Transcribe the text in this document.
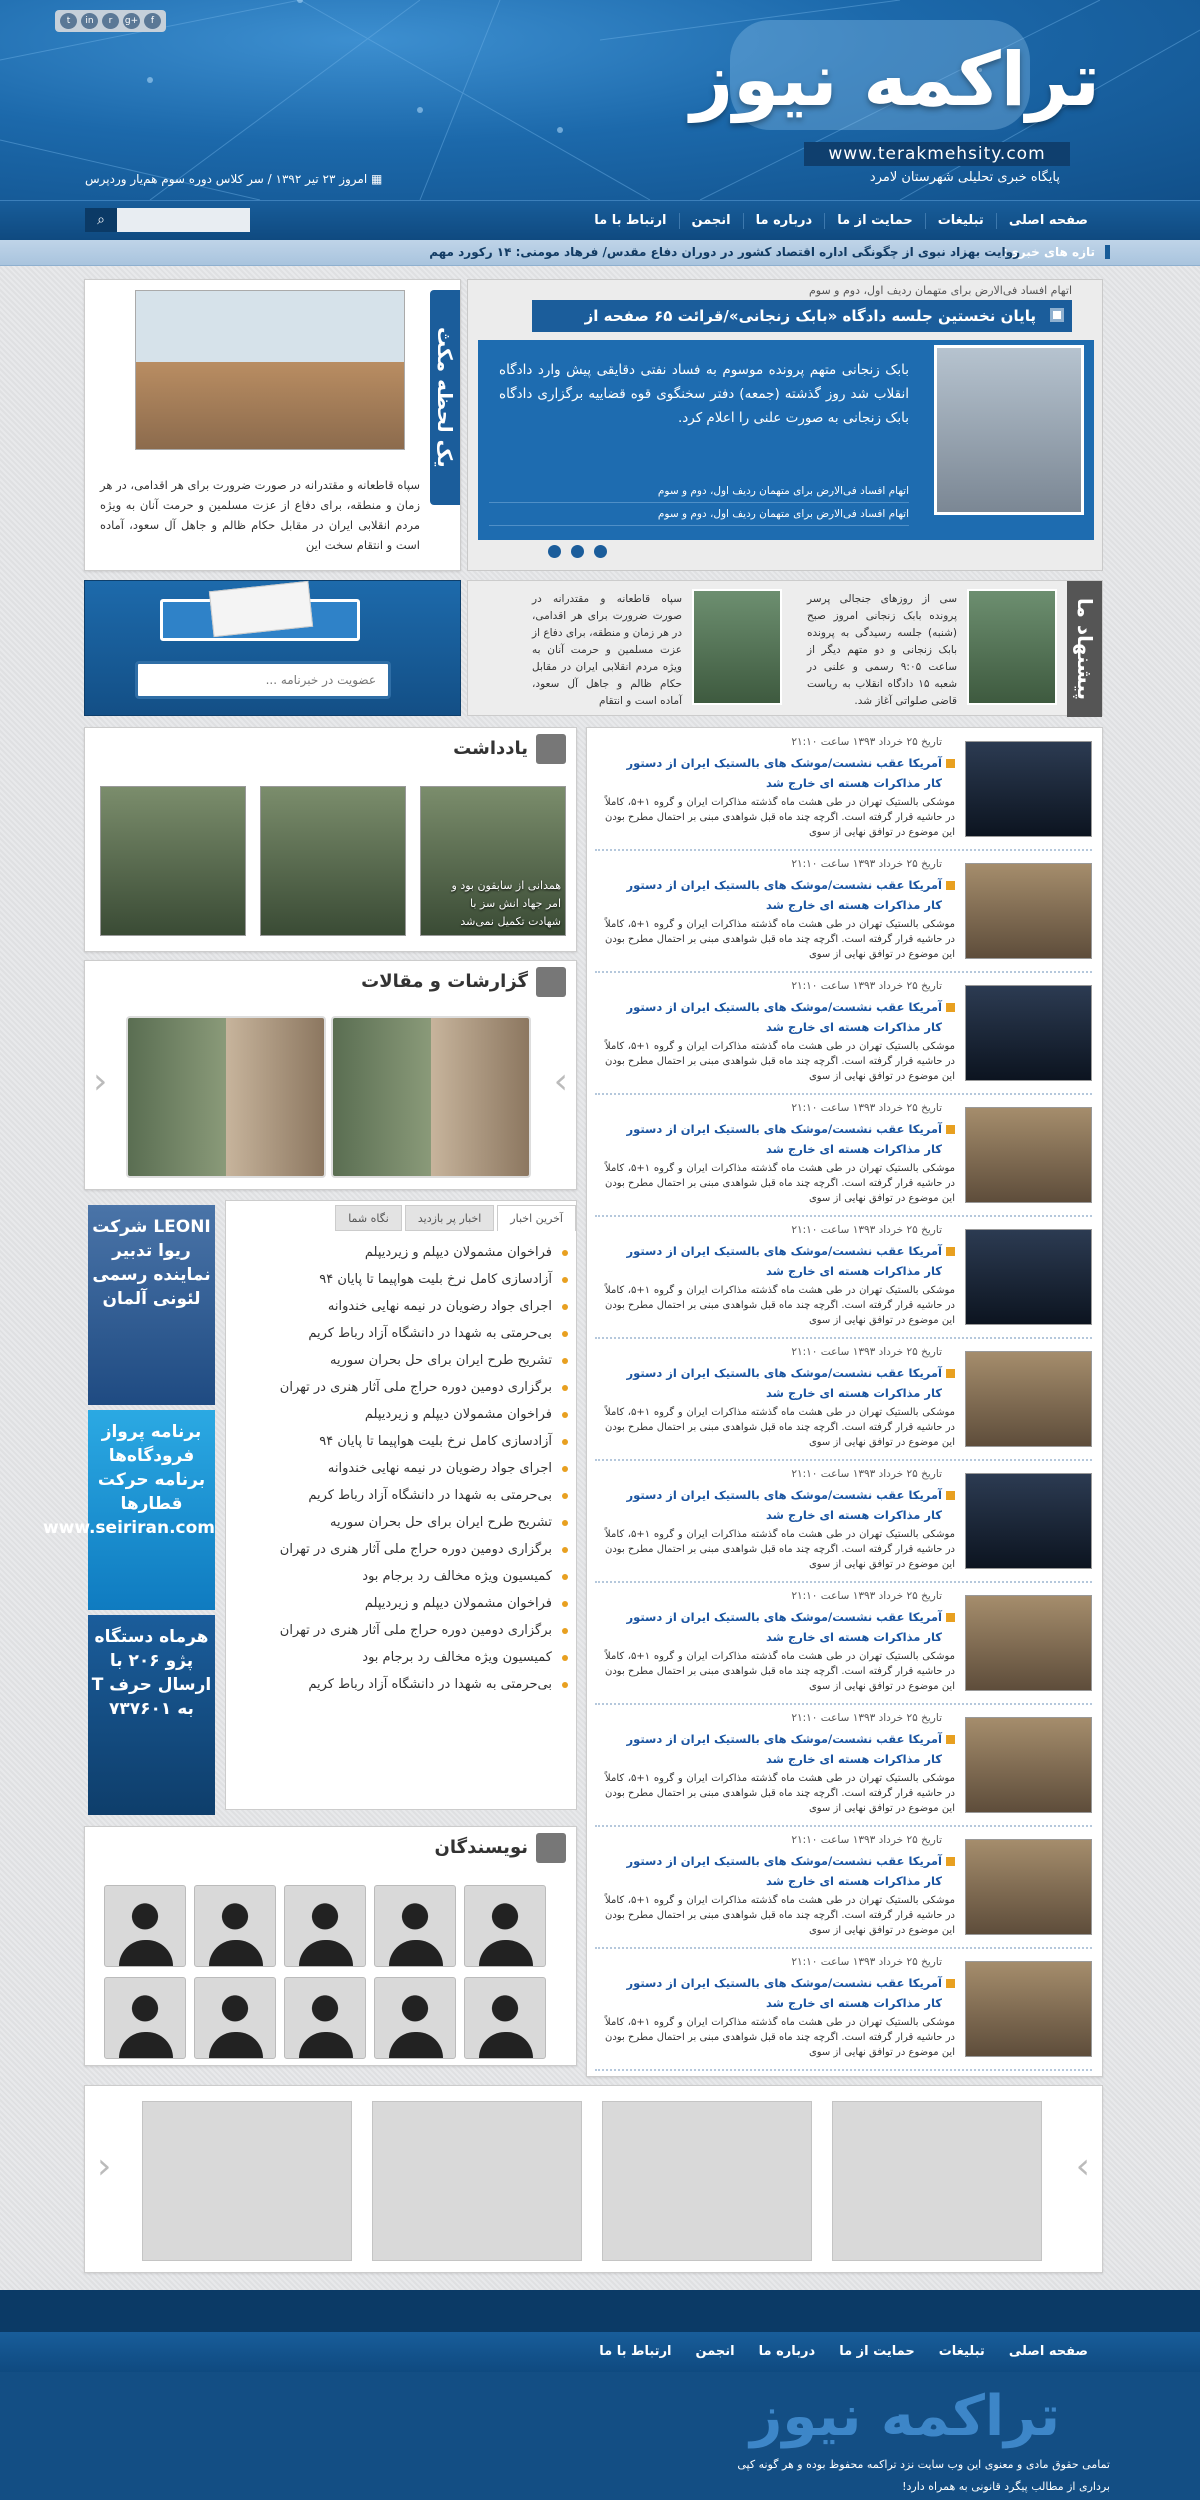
تراکمه نیوز
www.terakmehsity.com
پایگاه خبری تحلیلی شهرستان لامرد
t	in	r	g+	f
▦ امروز ۲۳ تیر ۱۳۹۲ / سر کلاس دوره سوم هم‌یار وردپرس
صفحه اصلی
تبلیغات
حمایت از ما
درباره ما
انجمن
ارتباط با ما
⌕
تازه های خبری:
روایت بهزاد نبوی از چگونگی اداره اقتصاد کشور در دوران دفاع مقدس/ فرهاد مومنی: ۱۴ رکورد مهم
اتهام افساد فی‌الارض برای متهمان ردیف اول، دوم و سوم
پایان نخستین جلسه دادگاه «بابک زنجانی»/قرائت ۶۵ صفحه از
بابک زنجانی متهم پرونده موسوم به فساد نفتی دقایقی پیش وارد دادگاه انقلاب شد روز گذشته (جمعه) دفتر سخنگوی قوه قضاییه برگزاری دادگاه بابک زنجانی به صورت علنی را اعلام کرد.
اتهام افساد فی‌الارض برای متهمان ردیف اول، دوم و سوم
اتهام افساد فی‌الارض برای متهمان ردیف اول، دوم و سوم
یک لحظه مکث
سپاه قاطعانه و مقتدرانه در صورت ضرورت برای هر اقدامی، در هر زمان و منطقه، برای دفاع از عزت مسلمین و حرمت آنان به ویژه مردم انقلابی ایران در مقابل حکام ظالم و جاهل آل سعود، آماده است و انتقام سخت این
عضویت در خبرنامه ...
پیشنهاد ما
سی از روزهای جنجالی پرسر پرونده بابک زنجانی امروز صبح (شنبه) جلسه رسیدگی به پرونده بابک زنجانی و دو متهم دیگر از ساعت ۹:۰۵ رسمی و علنی در شعبه ۱۵ دادگاه انقلاب به ریاست قاضی صلواتی آغاز شد.
سپاه قاطعانه و مقتدرانه در صورت ضرورت برای هر اقدامی، در هر زمان و منطقه، برای دفاع از عزت مسلمین و حرمت آنان به ویژه مردم انقلابی ایران در مقابل حکام ظالم و جاهل آل سعود، آماده است و انتقام
یادداشت
همدانی از سابقون بود و امر جهاد انش سز با شهادت تکمیل نمی‌شد
گزارشات و مقالات
›
‹
LEONI شرکت ریوا تدبیر نماینده رسمی لئونی آلمان
برنامه پرواز فرودگاه‌ها برنامه حرکت قطارها www.seiriran.com
هرماه دستگاه پژو ۲۰۶ با ارسال حرف T به ۷۳۷۶۰۱
آخرین اخبار
اخبار پر بازدید
نگاه شما
فراخوان مشمولان دیپلم و زیردیپلم
آزادسازی کامل نرخ بلیت هواپیما تا پایان ۹۴
اجرای جواد رضویان در نیمه نهایی خندوانه
بی‌حرمتی به شهدا در دانشگاه آزاد رباط کریم
تشریح طرح ایران برای حل بحران سوریه
برگزاری دومین دوره حراج ملی آثار هنری در تهران
فراخوان مشمولان دیپلم و زیردیپلم
آزادسازی کامل نرخ بلیت هواپیما تا پایان ۹۴
اجرای جواد رضویان در نیمه نهایی خندوانه
بی‌حرمتی به شهدا در دانشگاه آزاد رباط کریم
تشریح طرح ایران برای حل بحران سوریه
برگزاری دومین دوره حراج ملی آثار هنری در تهران
کمیسیون ویژه مخالف رد برجام بود
فراخوان مشمولان دیپلم و زیردیپلم
برگزاری دومین دوره حراج ملی آثار هنری در تهران
کمیسیون ویژه مخالف رد برجام بود
بی‌حرمتی به شهدا در دانشگاه آزاد رباط کریم
نویسندگان
تاریخ ۲۵ خرداد ۱۳۹۳ ساعت ۲۱:۱۰
آمریکا عقب نشست/موشک های بالستیک ایران از دستور کار مذاکرات هسته ای خارج شد
موشکی بالستیک تهران در طی هشت ماه گذشته مذاکرات ایران و گروه ۱+۵، کاملاً در حاشیه قرار گرفته است. اگرچه چند ماه قبل شواهدی مبنی بر احتمال مطرح بودن این موضوع در توافق نهایی از سوی
تاریخ ۲۵ خرداد ۱۳۹۳ ساعت ۲۱:۱۰
آمریکا عقب نشست/موشک های بالستیک ایران از دستور کار مذاکرات هسته ای خارج شد
موشکی بالستیک تهران در طی هشت ماه گذشته مذاکرات ایران و گروه ۱+۵، کاملاً در حاشیه قرار گرفته است. اگرچه چند ماه قبل شواهدی مبنی بر احتمال مطرح بودن این موضوع در توافق نهایی از سوی
تاریخ ۲۵ خرداد ۱۳۹۳ ساعت ۲۱:۱۰
آمریکا عقب نشست/موشک های بالستیک ایران از دستور کار مذاکرات هسته ای خارج شد
موشکی بالستیک تهران در طی هشت ماه گذشته مذاکرات ایران و گروه ۱+۵، کاملاً در حاشیه قرار گرفته است. اگرچه چند ماه قبل شواهدی مبنی بر احتمال مطرح بودن این موضوع در توافق نهایی از سوی
تاریخ ۲۵ خرداد ۱۳۹۳ ساعت ۲۱:۱۰
آمریکا عقب نشست/موشک های بالستیک ایران از دستور کار مذاکرات هسته ای خارج شد
موشکی بالستیک تهران در طی هشت ماه گذشته مذاکرات ایران و گروه ۱+۵، کاملاً در حاشیه قرار گرفته است. اگرچه چند ماه قبل شواهدی مبنی بر احتمال مطرح بودن این موضوع در توافق نهایی از سوی
تاریخ ۲۵ خرداد ۱۳۹۳ ساعت ۲۱:۱۰
آمریکا عقب نشست/موشک های بالستیک ایران از دستور کار مذاکرات هسته ای خارج شد
موشکی بالستیک تهران در طی هشت ماه گذشته مذاکرات ایران و گروه ۱+۵، کاملاً در حاشیه قرار گرفته است. اگرچه چند ماه قبل شواهدی مبنی بر احتمال مطرح بودن این موضوع در توافق نهایی از سوی
تاریخ ۲۵ خرداد ۱۳۹۳ ساعت ۲۱:۱۰
آمریکا عقب نشست/موشک های بالستیک ایران از دستور کار مذاکرات هسته ای خارج شد
موشکی بالستیک تهران در طی هشت ماه گذشته مذاکرات ایران و گروه ۱+۵، کاملاً در حاشیه قرار گرفته است. اگرچه چند ماه قبل شواهدی مبنی بر احتمال مطرح بودن این موضوع در توافق نهایی از سوی
تاریخ ۲۵ خرداد ۱۳۹۳ ساعت ۲۱:۱۰
آمریکا عقب نشست/موشک های بالستیک ایران از دستور کار مذاکرات هسته ای خارج شد
موشکی بالستیک تهران در طی هشت ماه گذشته مذاکرات ایران و گروه ۱+۵، کاملاً در حاشیه قرار گرفته است. اگرچه چند ماه قبل شواهدی مبنی بر احتمال مطرح بودن این موضوع در توافق نهایی از سوی
تاریخ ۲۵ خرداد ۱۳۹۳ ساعت ۲۱:۱۰
آمریکا عقب نشست/موشک های بالستیک ایران از دستور کار مذاکرات هسته ای خارج شد
موشکی بالستیک تهران در طی هشت ماه گذشته مذاکرات ایران و گروه ۱+۵، کاملاً در حاشیه قرار گرفته است. اگرچه چند ماه قبل شواهدی مبنی بر احتمال مطرح بودن این موضوع در توافق نهایی از سوی
تاریخ ۲۵ خرداد ۱۳۹۳ ساعت ۲۱:۱۰
آمریکا عقب نشست/موشک های بالستیک ایران از دستور کار مذاکرات هسته ای خارج شد
موشکی بالستیک تهران در طی هشت ماه گذشته مذاکرات ایران و گروه ۱+۵، کاملاً در حاشیه قرار گرفته است. اگرچه چند ماه قبل شواهدی مبنی بر احتمال مطرح بودن این موضوع در توافق نهایی از سوی
تاریخ ۲۵ خرداد ۱۳۹۳ ساعت ۲۱:۱۰
آمریکا عقب نشست/موشک های بالستیک ایران از دستور کار مذاکرات هسته ای خارج شد
موشکی بالستیک تهران در طی هشت ماه گذشته مذاکرات ایران و گروه ۱+۵، کاملاً در حاشیه قرار گرفته است. اگرچه چند ماه قبل شواهدی مبنی بر احتمال مطرح بودن این موضوع در توافق نهایی از سوی
تاریخ ۲۵ خرداد ۱۳۹۳ ساعت ۲۱:۱۰
آمریکا عقب نشست/موشک های بالستیک ایران از دستور کار مذاکرات هسته ای خارج شد
موشکی بالستیک تهران در طی هشت ماه گذشته مذاکرات ایران و گروه ۱+۵، کاملاً در حاشیه قرار گرفته است. اگرچه چند ماه قبل شواهدی مبنی بر احتمال مطرح بودن این موضوع در توافق نهایی از سوی
›
‹
صفحه اصلی
تبلیغات
حمایت از ما
درباره ما
انجمن
ارتباط با ما
تراکمه نیوز
تمامی حقوق مادی و معنوی این وب سایت نزد تراکمه محفوظ بوده و هر گونه کپی برداری از مطالب پیگرد قانونی به همراه دارد!
